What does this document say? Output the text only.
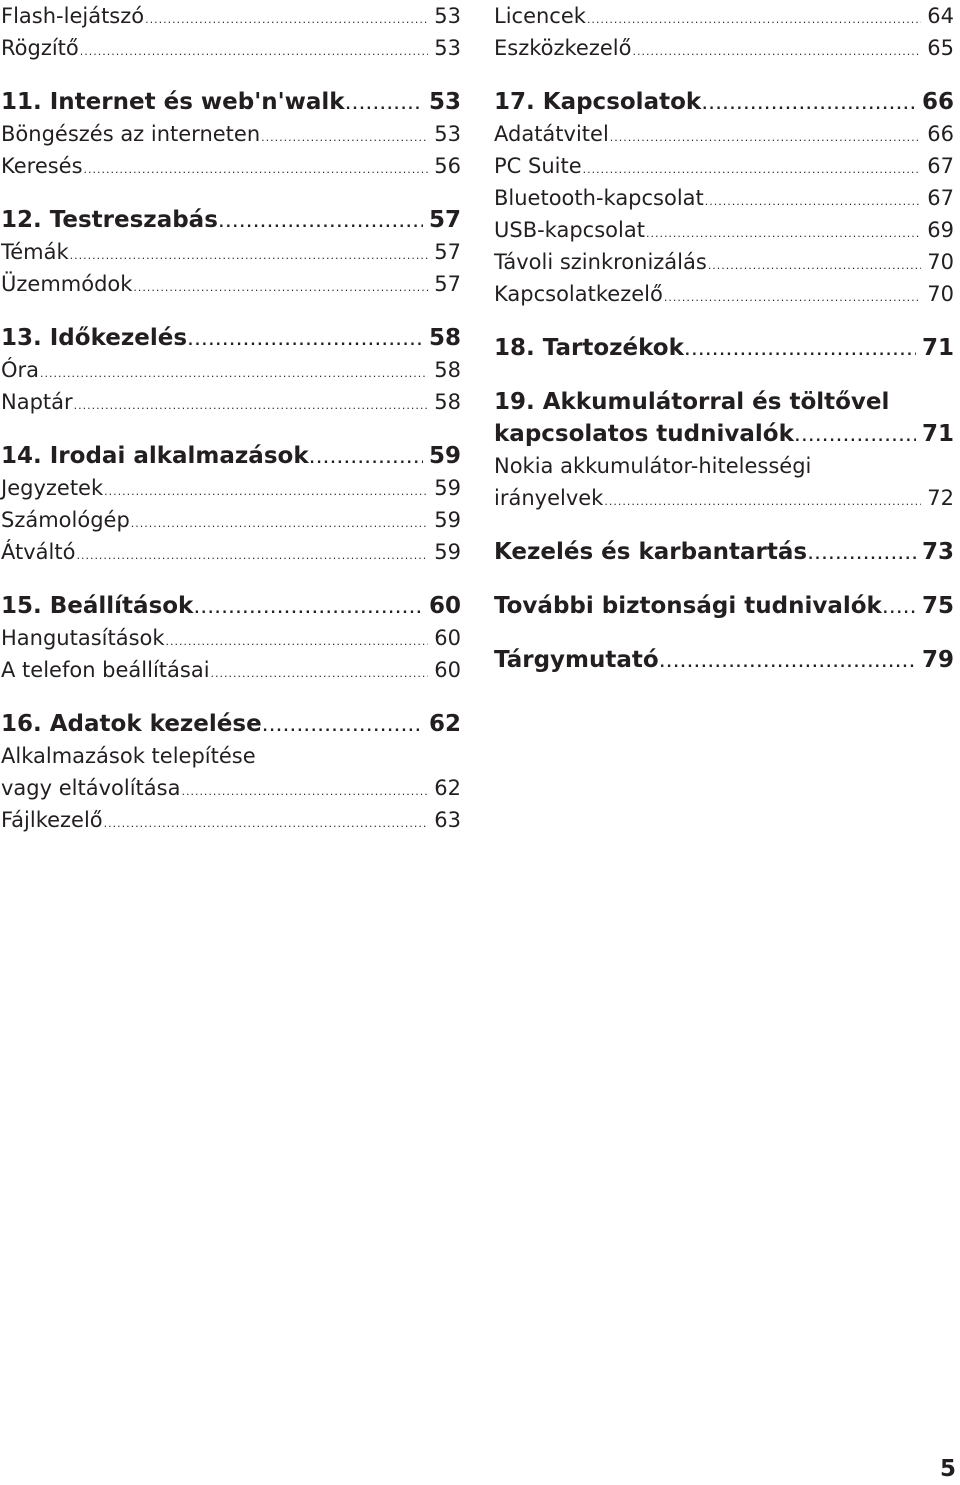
Flash-lejátszó .....	53
Rögzítő .....	53
11. Internet és web'n'walk .....	53
Böngészés az interneten .....	53
Keresés .....	56
12. Testreszabás .....	57
Témák .....	57
Üzemmódok .....	57
13. Időkezelés .....	58
Óra .....	58
Naptár .....	58
14. Irodai alkalmazások .....	59
Jegyzetek .....	59
Számológép .....	59
Átváltó .....	59
15. Beállítások .....	60
Hangutasítások .....	60
A telefon beállításai .....	60
16. Adatok kezelése .....	62
Alkalmazások telepítése
vagy eltávolítása .....	62
Fájlkezelő .....	63
Licencek .....	64
Eszközkezelő .....	65
17. Kapcsolatok .....	66
Adatátvitel .....	66
PC Suite .....	67
Bluetooth-kapcsolat .....	67
USB-kapcsolat .....	69
Távoli szinkronizálás .....	70
Kapcsolatkezelő .....	70
18. Tartozékok .....	71
19. Akkumulátorral és töltővel
kapcsolatos tudnivalók .....	71
Nokia akkumulátor-hitelességi
irányelvek .....	72
Kezelés és karbantartás .....	73
További biztonsági tudnivalók ..... 75
Tárgymutató .....	79
5
